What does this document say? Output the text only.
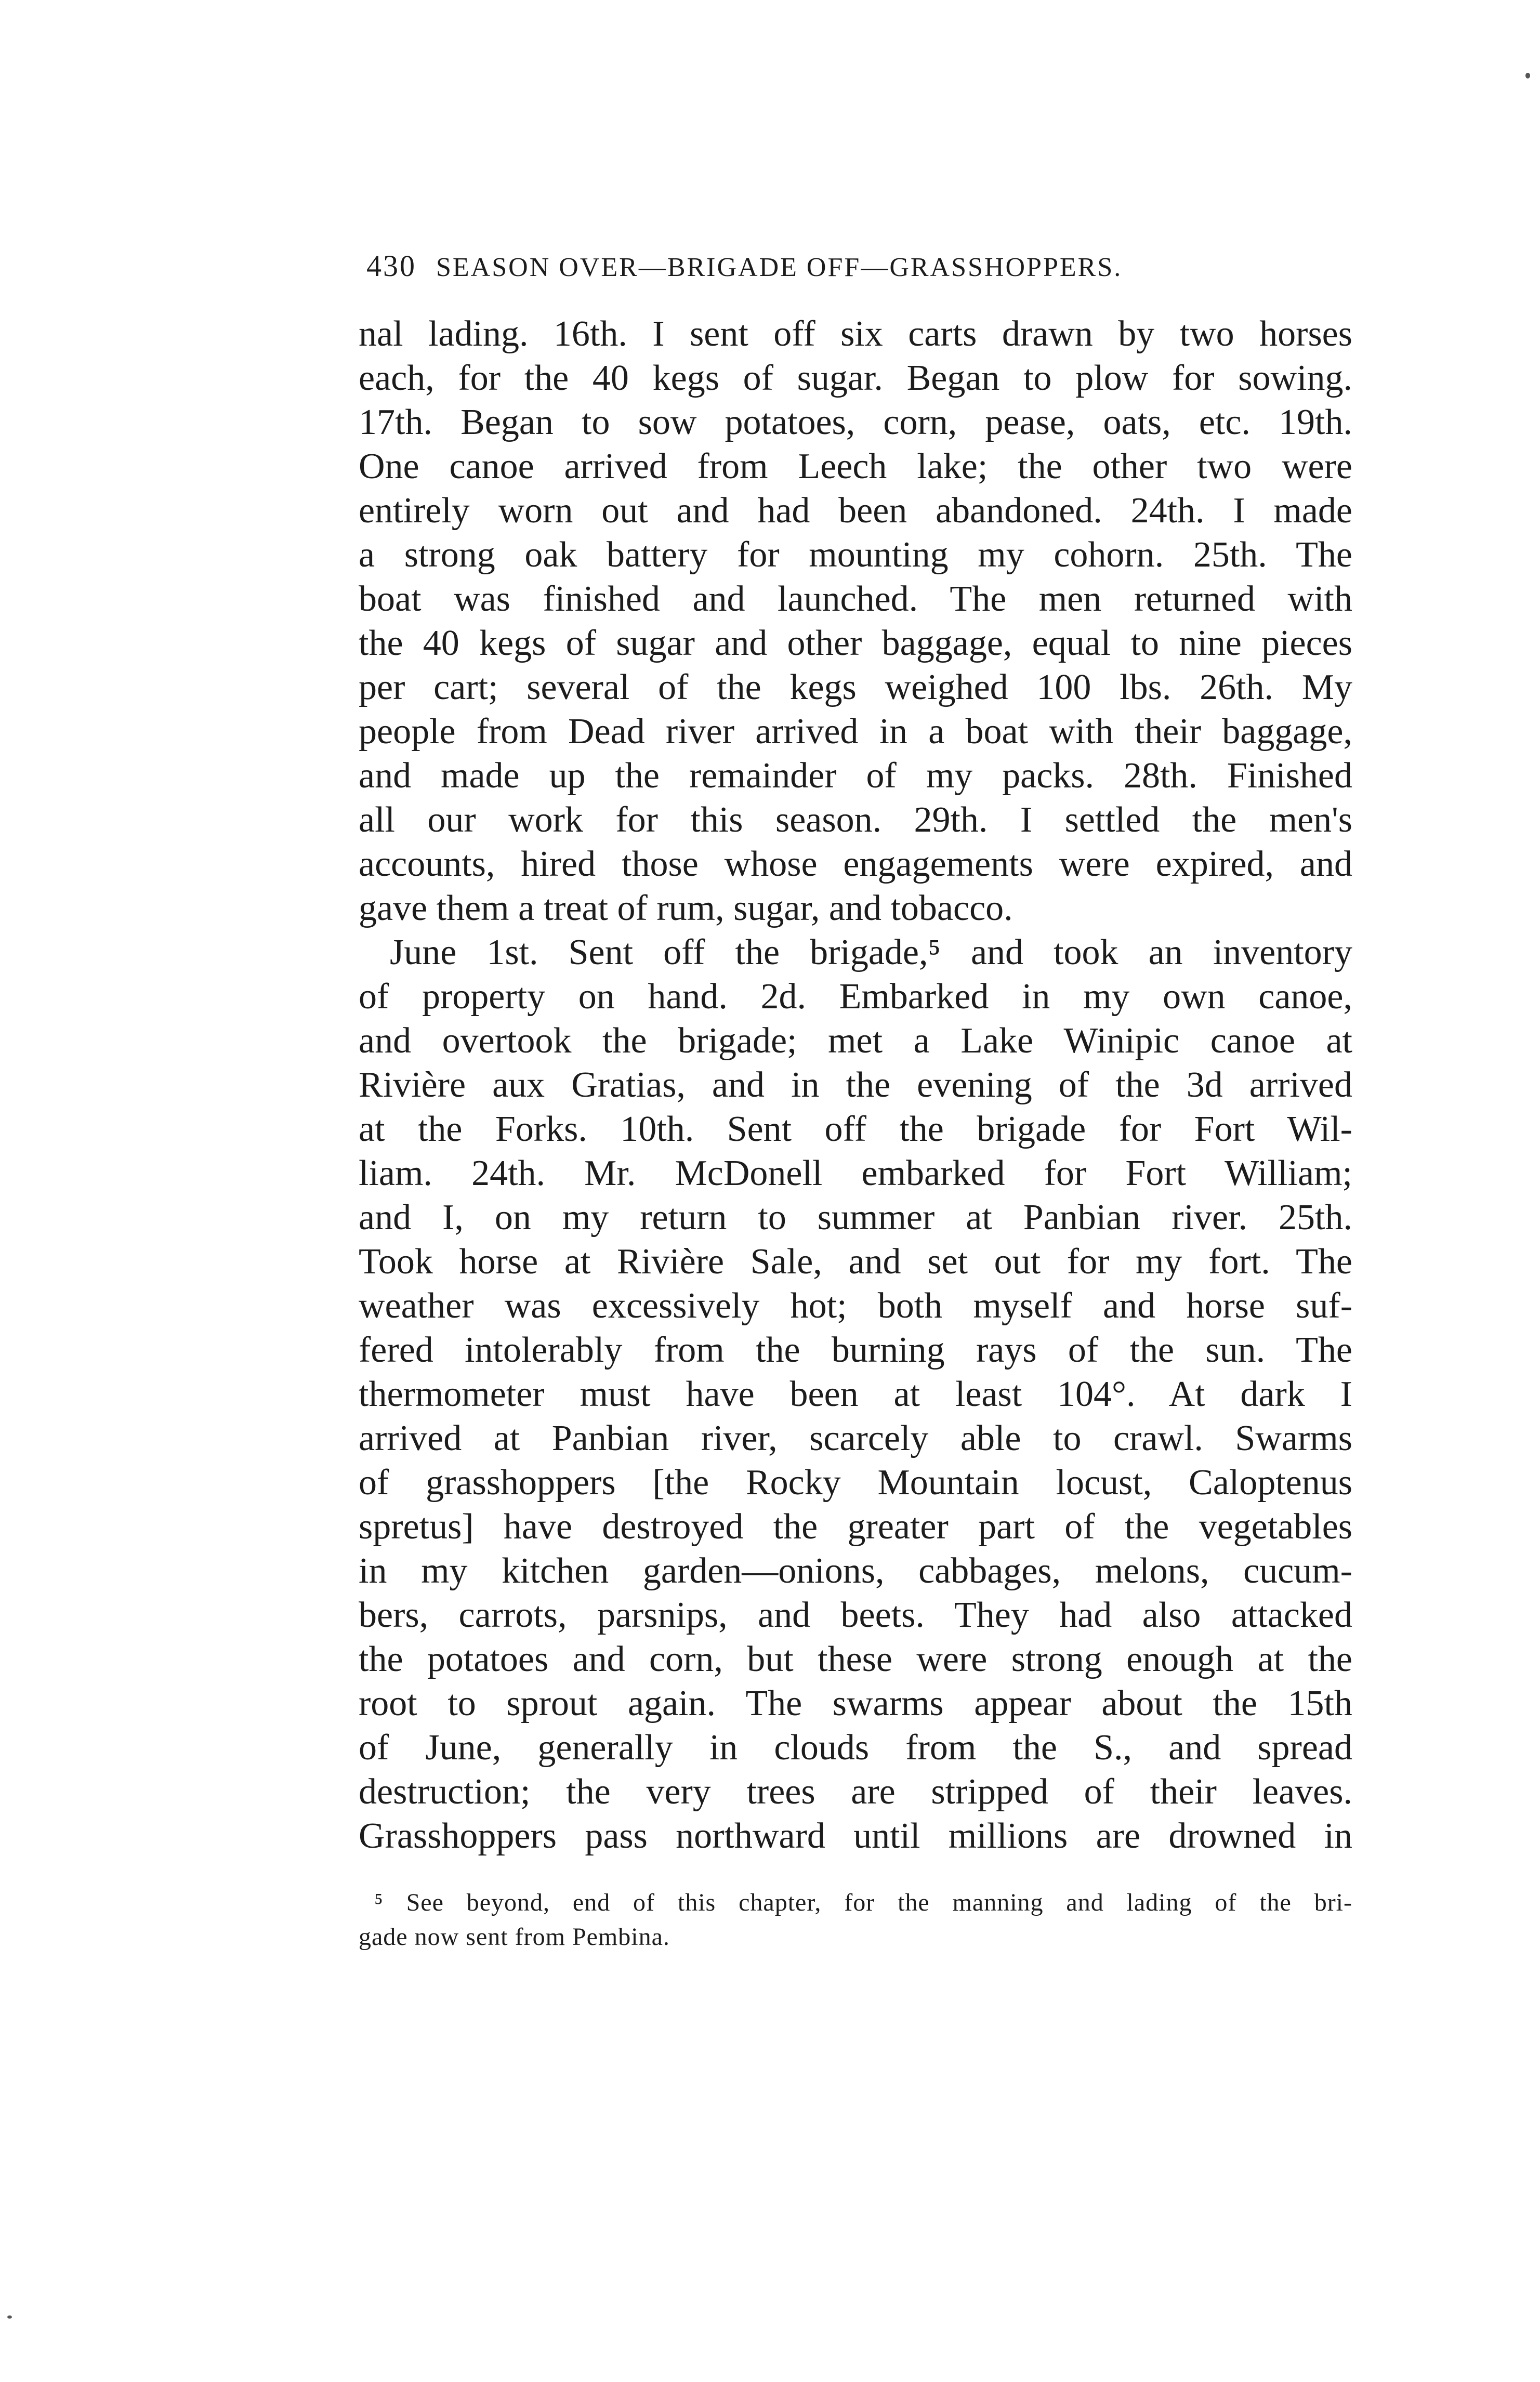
430 SEASON OVER—BRIGADE OFF—GRASSHOPPERS.
nal lading. 16th. I sent off six carts drawn by two horses
each, for the 40 kegs of sugar. Began to plow for sowing.
17th. Began to sow potatoes, corn, pease, oats, etc. 19th.
One canoe arrived from Leech lake; the other two were
entirely worn out and had been abandoned. 24th. I made
a strong oak battery for mounting my cohorn. 25th. The
boat was finished and launched. The men returned with
the 40 kegs of sugar and other baggage, equal to nine pieces
per cart; several of the kegs weighed 100 lbs. 26th. My
people from Dead river arrived in a boat with their baggage,
and made up the remainder of my packs. 28th. Finished
all our work for this season. 29th. I settled the men's
accounts, hired those whose engagements were expired, and
gave them a treat of rum, sugar, and tobacco.
June 1st. Sent off the brigade,⁵ and took an inventory
of property on hand. 2d. Embarked in my own canoe,
and overtook the brigade; met a Lake Winipic canoe at
Rivière aux Gratias, and in the evening of the 3d arrived
at the Forks. 10th. Sent off the brigade for Fort Wil-
liam. 24th. Mr. McDonell embarked for Fort William;
and I, on my return to summer at Panbian river. 25th.
Took horse at Rivière Sale, and set out for my fort. The
weather was excessively hot; both myself and horse suf-
fered intolerably from the burning rays of the sun. The
thermometer must have been at least 104°. At dark I
arrived at Panbian river, scarcely able to crawl. Swarms
of grasshoppers [the Rocky Mountain locust, Caloptenus
spretus] have destroyed the greater part of the vegetables
in my kitchen garden—onions, cabbages, melons, cucum-
bers, carrots, parsnips, and beets. They had also attacked
the potatoes and corn, but these were strong enough at the
root to sprout again. The swarms appear about the 15th
of June, generally in clouds from the S., and spread
destruction; the very trees are stripped of their leaves.
Grasshoppers pass northward until millions are drowned in
⁵ See beyond, end of this chapter, for the manning and lading of the bri-
gade now sent from Pembina.
